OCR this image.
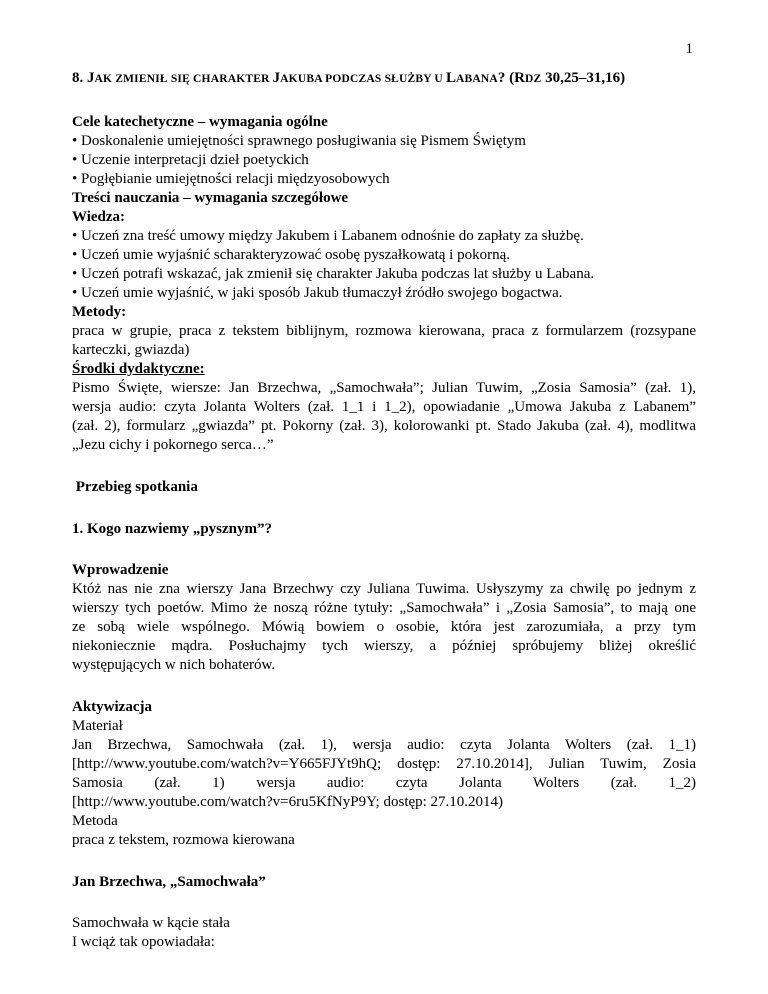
1

8. JAK ZMIENIŁ SIĘ CHARAKTER JAKUBA PODCZAS SŁUŻBY U LABANA? (RDZ 30,25–31,16)

Cele katechetyczne – wymagania ogólne

• Doskonalenie umiejętności sprawnego posługiwania się Pismem Świętym

• Uczenie interpretacji dzieł poetyckich

• Pogłębianie umiejętności relacji międzyosobowych

Treści nauczania – wymagania szczegółowe

Wiedza:

• Uczeń zna treść umowy między Jakubem i Labanem odnośnie do zapłaty za służbę.

• Uczeń umie wyjaśnić scharakteryzować osobę pyszałkowatą i pokorną.

• Uczeń potrafi wskazać, jak zmienił się charakter Jakuba podczas lat służby u Labana.

• Uczeń umie wyjaśnić, w jaki sposób Jakub tłumaczył źródło swojego bogactwa.

Metody:

praca w grupie, praca z tekstem biblijnym, rozmowa kierowana, praca z formularzem (rozsypane

karteczki, gwiazda)

Środki dydaktyczne:

Pismo Święte, wiersze: Jan Brzechwa, „Samochwała”; Julian Tuwim, „Zosia Samosia” (zał. 1),

wersja audio: czyta Jolanta Wolters (zał. 1_1 i 1_2), opowiadanie „Umowa Jakuba z Labanem”

(zał. 2), formularz „gwiazda” pt. Pokorny (zał. 3), kolorowanki pt. Stado Jakuba (zał. 4), modlitwa

„Jezu cichy i pokornego serca…”

Przebieg spotkania

1. Kogo nazwiemy „pysznym”?

Wprowadzenie

Któż nas nie zna wierszy Jana Brzechwy czy Juliana Tuwima. Usłyszymy za chwilę po jednym z

wierszy tych poetów. Mimo że noszą różne tytuły: „Samochwała” i „Zosia Samosia”, to mają one

ze sobą wiele wspólnego. Mówią bowiem o osobie, która jest zarozumiała, a przy tym

niekoniecznie mądra. Posłuchajmy tych wierszy, a później spróbujemy bliżej określić

występujących w nich bohaterów.

Aktywizacja

Materiał

Jan Brzechwa, Samochwała (zał. 1), wersja audio: czyta Jolanta Wolters (zał. 1_1)

[http://www.youtube.com/watch?v=Y665FJYt9hQ; dostęp: 27.10.2014], Julian Tuwim, Zosia

Samosia (zał. 1) wersja audio: czyta Jolanta Wolters (zał. 1_2)

[http://www.youtube.com/watch?v=6ru5KfNyP9Y; dostęp: 27.10.2014)

Metoda

praca z tekstem, rozmowa kierowana

Jan Brzechwa, „Samochwała”

Samochwała w kącie stała

I wciąż tak opowiadała:
